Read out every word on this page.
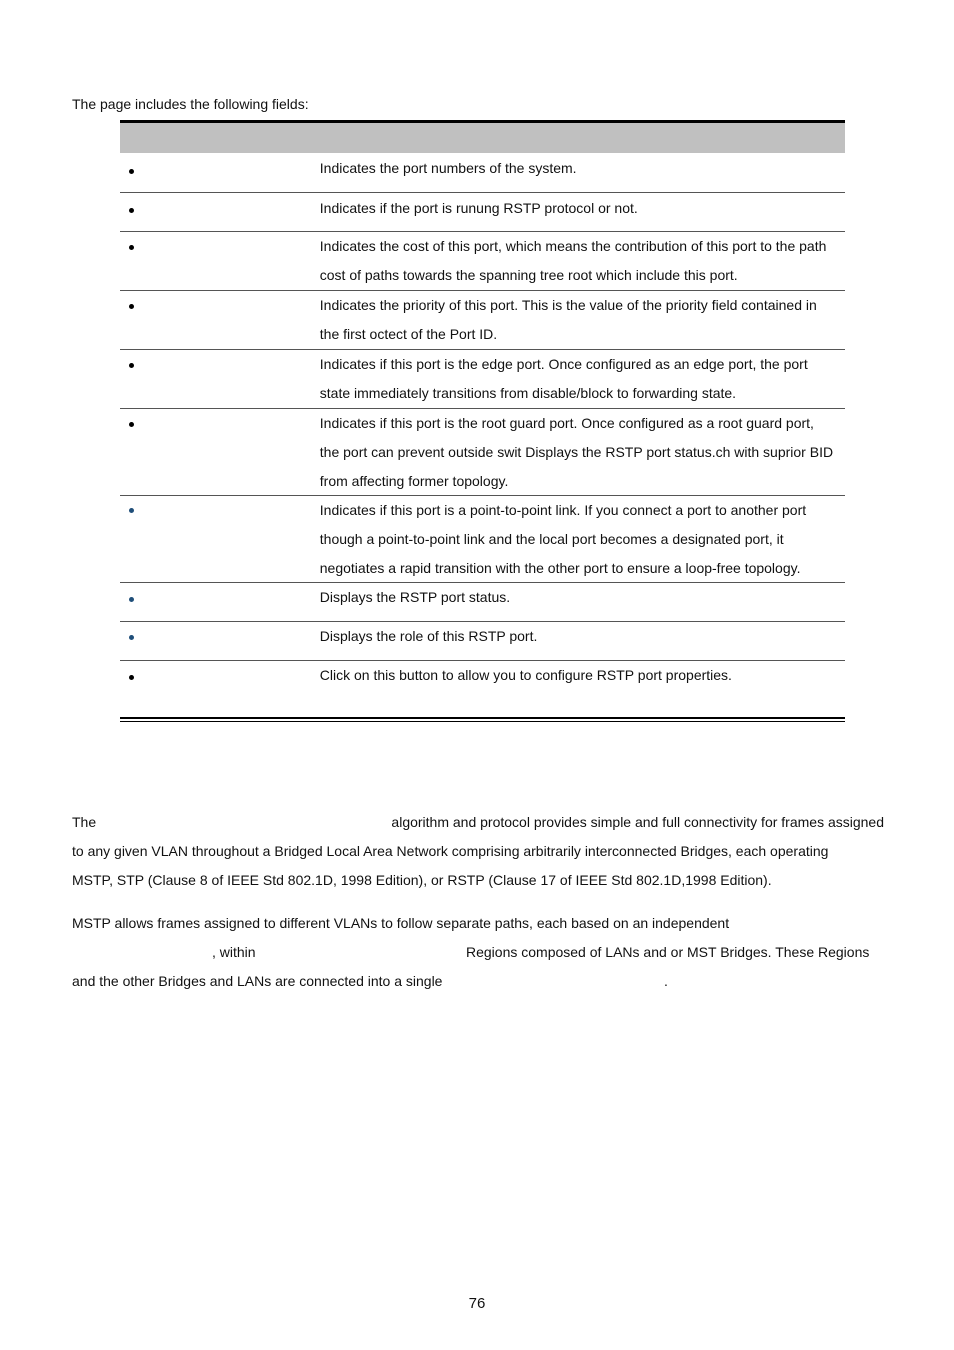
The page includes the following fields:
Indicates the port numbers of the system.
Indicates if the port is runung RSTP protocol or not.
Indicates the cost of this port, which means the contribution of this port to the path cost of paths towards the spanning tree root which include this port.
Indicates the priority of this port. This is the value of the priority field contained in the first octect of the Port ID.
Indicates if this port is the edge port. Once configured as an edge port, the port state immediately transitions from disable/block to forwarding state.
Indicates if this port is the root guard port. Once configured as a root guard port, the port can prevent outside swit Displays the RSTP port status.ch with suprior BID from affecting former topology.
Indicates if this port is a point-to-point link. If you connect a port to another port though a point-to-point link and the local port becomes a designated port, it negotiates a rapid transition with the other port to ensure a loop-free topology.
Displays the RSTP port status.
Displays the role of this RSTP port.
Click on this button to allow you to configure RSTP port properties.
The	algorithm and protocol provides simple and full connectivity for frames assigned
to any given VLAN throughout a Bridged Local Area Network comprising arbitrarily interconnected Bridges, each operating
MSTP, STP (Clause 8 of IEEE Std 802.1D, 1998 Edition), or RSTP (Clause 17 of IEEE Std 802.1D,1998 Edition).
MSTP allows frames assigned to different VLANs to follow separate paths, each based on an independent
, within	Regions composed of LANs and or MST Bridges. These Regions
and the other Bridges and LANs are connected into a single	.
76
